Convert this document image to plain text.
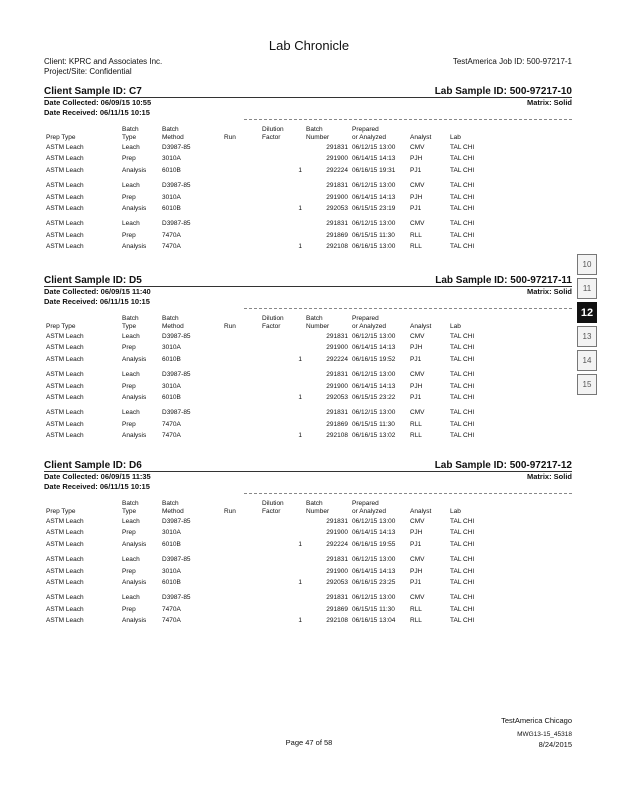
Lab Chronicle
Client: KPRC and Associates Inc.
Project/Site: Confidential
TestAmerica Job ID: 500-97217-1
Client Sample ID: C7	Lab Sample ID: 500-97217-10
Date Collected: 06/09/15 10:55	Matrix: Solid
Date Received: 06/11/15 10:15
	Batch	Batch		Dilution	Batch	Prepared		
Prep Type	Type	Method	Run	Factor	Number	or Analyzed	Analyst	Lab
ASTM Leach	Leach	D3987-85			291831	06/12/15 13:00	CMV	TAL CHI
ASTM Leach	Prep	3010A			291900	06/14/15 14:13	PJH	TAL CHI
ASTM Leach	Analysis	6010B		1	292224	06/16/15 19:31	PJ1	TAL CHI

ASTM Leach	Leach	D3987-85			291831	06/12/15 13:00	CMV	TAL CHI
ASTM Leach	Prep	3010A			291900	06/14/15 14:13	PJH	TAL CHI
ASTM Leach	Analysis	6010B		1	292053	06/15/15 23:19	PJ1	TAL CHI

ASTM Leach	Leach	D3987-85			291831	06/12/15 13:00	CMV	TAL CHI
ASTM Leach	Prep	7470A			291869	06/15/15 11:30	RLL	TAL CHI
ASTM Leach	Analysis	7470A		1	292108	06/16/15 13:00	RLL	TAL CHI
Client Sample ID: D5	Lab Sample ID: 500-97217-11
Date Collected: 06/09/15 11:40	Matrix: Solid
Date Received: 06/11/15 10:15
	Batch	Batch		Dilution	Batch	Prepared		
Prep Type	Type	Method	Run	Factor	Number	or Analyzed	Analyst	Lab
ASTM Leach	Leach	D3987-85			291831	06/12/15 13:00	CMV	TAL CHI
ASTM Leach	Prep	3010A			291900	06/14/15 14:13	PJH	TAL CHI
ASTM Leach	Analysis	6010B		1	292224	06/16/15 19:52	PJ1	TAL CHI

ASTM Leach	Leach	D3987-85			291831	06/12/15 13:00	CMV	TAL CHI
ASTM Leach	Prep	3010A			291900	06/14/15 14:13	PJH	TAL CHI
ASTM Leach	Analysis	6010B		1	292053	06/15/15 23:22	PJ1	TAL CHI

ASTM Leach	Leach	D3987-85			291831	06/12/15 13:00	CMV	TAL CHI
ASTM Leach	Prep	7470A			291869	06/15/15 11:30	RLL	TAL CHI
ASTM Leach	Analysis	7470A		1	292108	06/16/15 13:02	RLL	TAL CHI
Client Sample ID: D6	Lab Sample ID: 500-97217-12
Date Collected: 06/09/15 11:35	Matrix: Solid
Date Received: 06/11/15 10:15
	Batch	Batch		Dilution	Batch	Prepared		
Prep Type	Type	Method	Run	Factor	Number	or Analyzed	Analyst	Lab
ASTM Leach	Leach	D3987-85			291831	06/12/15 13:00	CMV	TAL CHI
ASTM Leach	Prep	3010A			291900	06/14/15 14:13	PJH	TAL CHI
ASTM Leach	Analysis	6010B		1	292224	06/16/15 19:55	PJ1	TAL CHI

ASTM Leach	Leach	D3987-85			291831	06/12/15 13:00	CMV	TAL CHI
ASTM Leach	Prep	3010A			291900	06/14/15 14:13	PJH	TAL CHI
ASTM Leach	Analysis	6010B		1	292053	06/16/15 23:25	PJ1	TAL CHI

ASTM Leach	Leach	D3987-85			291831	06/12/15 13:00	CMV	TAL CHI
ASTM Leach	Prep	7470A			291869	06/15/15 11:30	RLL	TAL CHI
ASTM Leach	Analysis	7470A		1	292108	06/16/15 13:04	RLL	TAL CHI
10
11
12
13
14
15
TestAmerica Chicago
Page 47 of 58
MWG13-15_45318
8/24/2015
